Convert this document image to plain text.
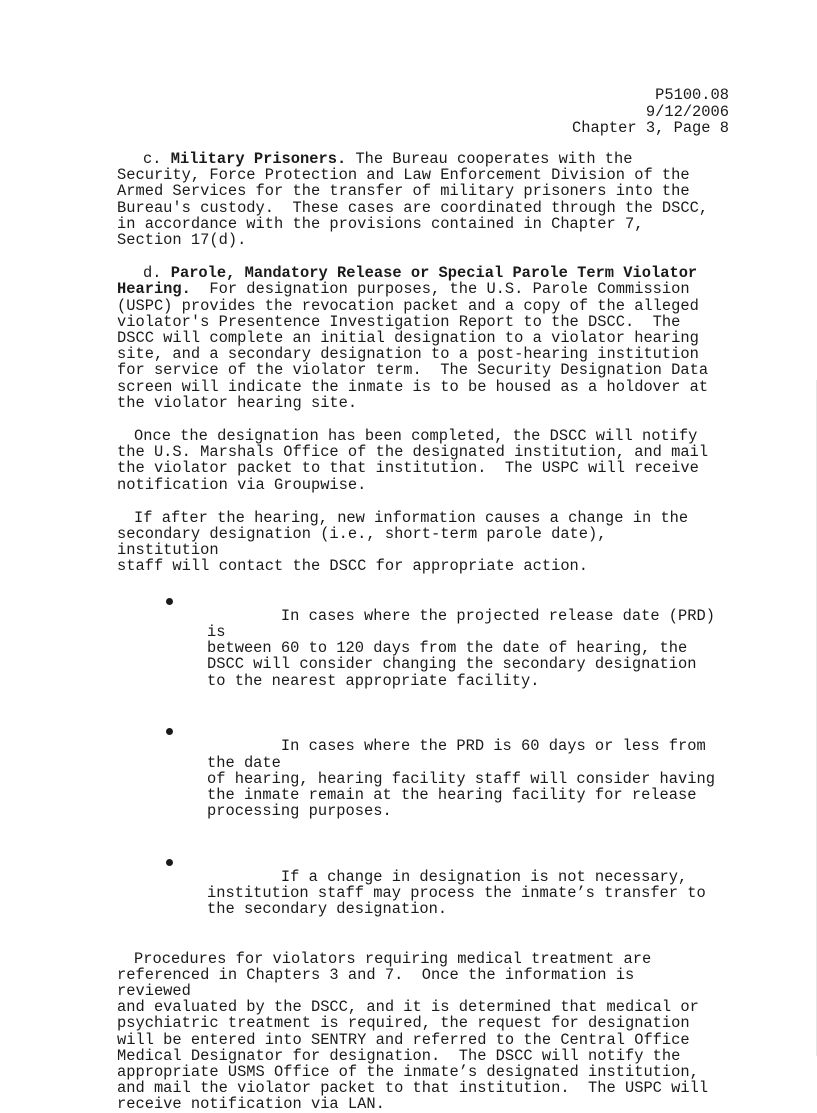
P5100.08
9/12/2006
Chapter 3, Page 8

c. Military Prisoners. The Bureau cooperates with the
Security, Force Protection and Law Enforcement Division of the
Armed Services for the transfer of military prisoners into the
Bureau's custody.  These cases are coordinated through the DSCC,
in accordance with the provisions contained in Chapter 7,
Section 17(d).

d. Parole, Mandatory Release or Special Parole Term Violator
Hearing.  For designation purposes, the U.S. Parole Commission
(USPC) provides the revocation packet and a copy of the alleged
violator's Presentence Investigation Report to the DSCC.  The
DSCC will complete an initial designation to a violator hearing
site, and a secondary designation to a post-hearing institution
for service of the violator term.  The Security Designation Data
screen will indicate the inmate is to be housed as a holdover at
the violator hearing site.

Once the designation has been completed, the DSCC will notify
the U.S. Marshals Office of the designated institution, and mail
the violator packet to that institution.  The USPC will receive
notification via Groupwise.

If after the hearing, new information causes a change in the
secondary designation (i.e., short-term parole date), institution
staff will contact the DSCC for appropriate action.

In cases where the projected release date (PRD) is
between 60 to 120 days from the date of hearing, the
DSCC will consider changing the secondary designation
to the nearest appropriate facility.

In cases where the PRD is 60 days or less from the date
of hearing, hearing facility staff will consider having
the inmate remain at the hearing facility for release
processing purposes.

If a change in designation is not necessary,
institution staff may process the inmate’s transfer to
the secondary designation.

Procedures for violators requiring medical treatment are
referenced in Chapters 3 and 7.  Once the information is reviewed
and evaluated by the DSCC, and it is determined that medical or
psychiatric treatment is required, the request for designation
will be entered into SENTRY and referred to the Central Office
Medical Designator for designation.  The DSCC will notify the
appropriate USMS Office of the inmate’s designated institution,
and mail the violator packet to that institution.  The USPC will
receive notification via LAN.
